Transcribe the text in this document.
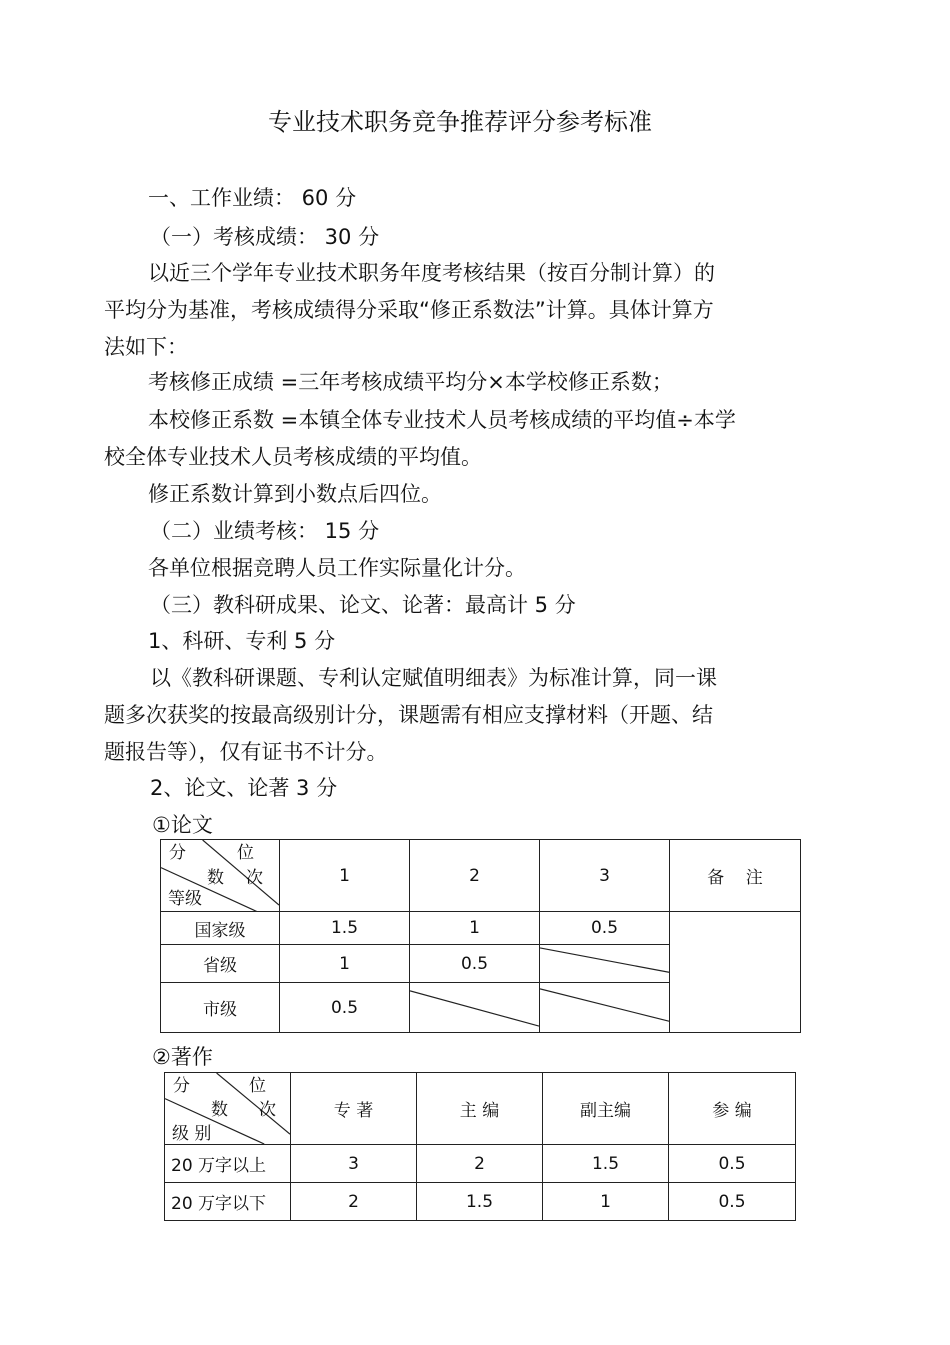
专业技术职务竞争推荐评分参考标准
一、工作业绩： 60 分
（一）考核成绩： 30 分
以近三个学年专业技术职务年度考核结果（按百分制计算）的
平均分为基准，考核成绩得分采取“修正系数法”计算。具体计算方
法如下：
考核修正成绩 =三年考核成绩平均分×本学校修正系数；
本校修正系数 =本镇全体专业技术人员考核成绩的平均值÷本学
校全体专业技术人员考核成绩的平均值。
修正系数计算到小数点后四位。
（二）业绩考核： 15 分
各单位根据竞聘人员工作实际量化计分。
（三）教科研成果、论文、论著：最高计 5 分
1、科研、专利 5 分
以《教科研课题、专利认定赋值明细表》为标准计算，同一课
题多次获奖的按最高级别计分，课题需有相应支撑材料（开题、结
题报告等），仅有证书不计分。
2、论文、论著 3 分
①论文
分 位
数 次
等级	1	2	3	备    注
国家级	1.5	1	0.5	
省级	1	0.5	

市级	0.5	

②著作
分 位
数 次
级 别	专 著	主 编	副主编	参 编
20 万字以上	3	2	1.5	0.5
20 万字以下	2	1.5	1	0.5
